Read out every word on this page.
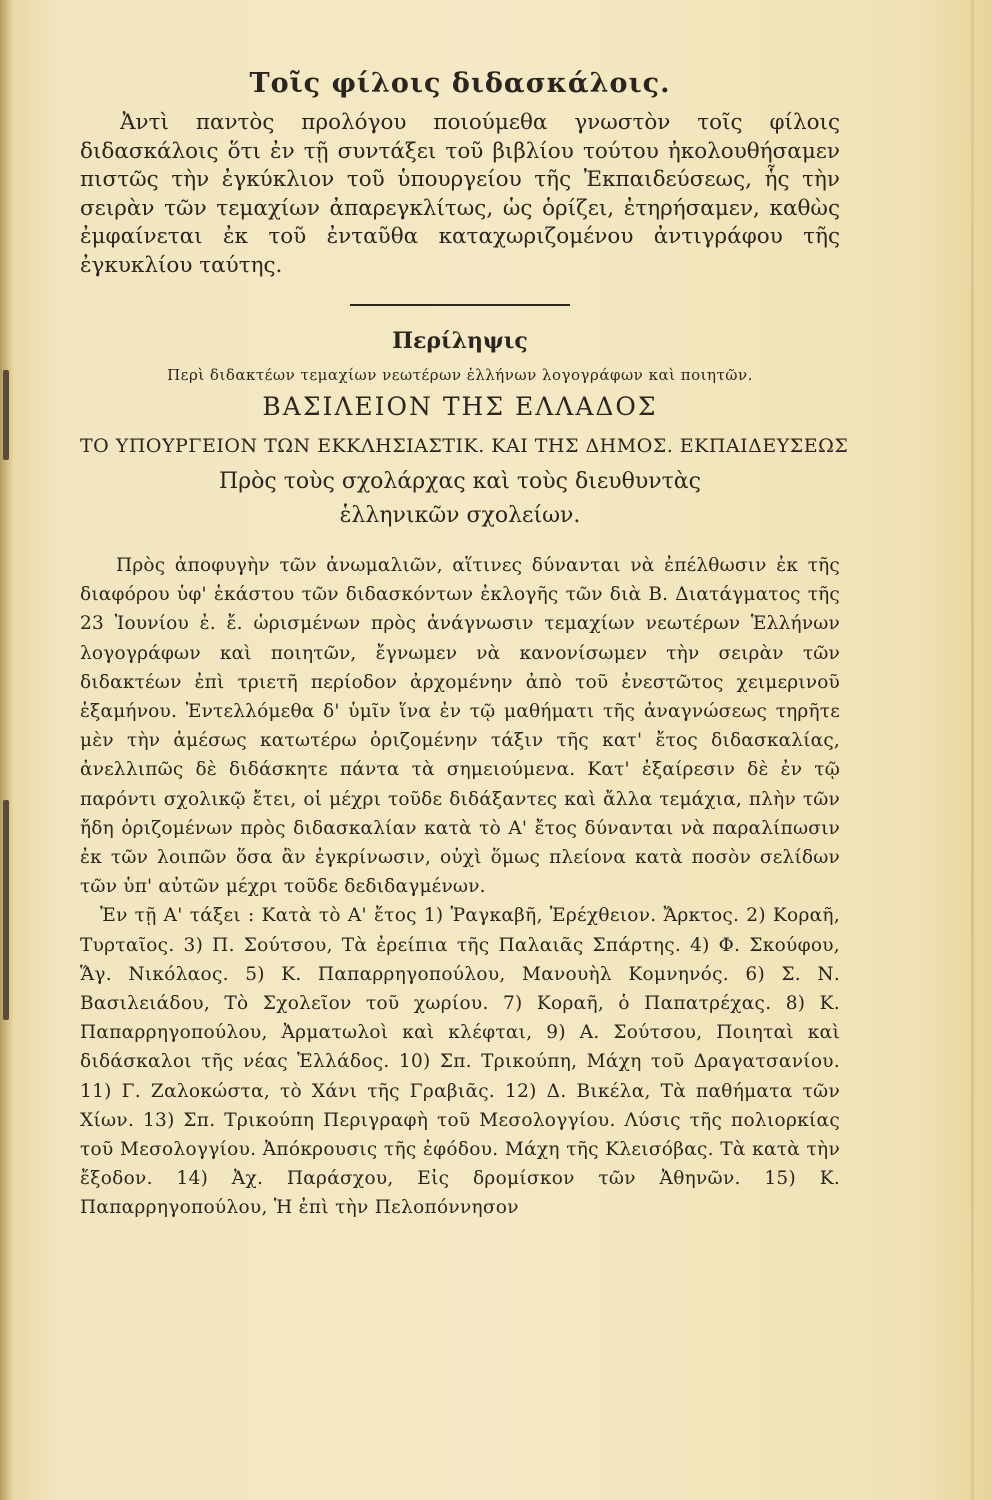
Τοῖς φίλοις διδασκάλοις.

Ἀντὶ παντὸς προλόγου ποιούμεθα γνωστὸν τοῖς φίλοις διδασκάλοις ὅτι ἐν τῇ συντάξει τοῦ βιβλίου τούτου ἠκολουθήσαμεν πιστῶς τὴν ἐγκύκλιον τοῦ ὑπουργείου τῆς Ἐκπαιδεύσεως, ἧς τὴν σειρὰν τῶν τεμαχίων ἀπαρεγκλίτως, ὡς ὁρίζει, ἐτηρήσαμεν, καθὼς ἐμφαίνεται ἐκ τοῦ ἐνταῦθα καταχωριζομένου ἀντιγράφου τῆς ἐγκυκλίου ταύτης.

Περίληψις
Περὶ διδακτέων τεμαχίων νεωτέρων ἑλλήνων λογογράφων καὶ ποιητῶν.
ΒΑΣΙΛΕΙΟΝ ΤΗΣ ΕΛΛΑΔΟΣ
ΤΟ ΥΠΟΥΡΓΕΙΟΝ ΤΩΝ ΕΚΚΛΗΣΙΑΣΤΙΚ. ΚΑΙ ΤΗΣ ΔΗΜΟΣ. ΕΚΠΑΙΔΕΥΣΕΩΣ
Πρὸς τοὺς σχολάρχας καὶ τοὺς διευθυντὰς
ἑλληνικῶν σχολείων.

Πρὸς ἀποφυγὴν τῶν ἀνωμαλιῶν, αἵτινες δύνανται νὰ ἐπέλθωσιν ἐκ τῆς διαφόρου ὑφ' ἑκάστου τῶν διδασκόντων ἐκλογῆς τῶν διὰ Β. Διατάγματος τῆς 23 Ἰουνίου ἐ. ἔ. ὡρισμένων πρὸς ἀνάγνωσιν τεμαχίων νεωτέρων Ἑλλήνων λογογράφων καὶ ποιητῶν, ἔγνωμεν νὰ κανονίσωμεν τὴν σειρὰν τῶν διδακτέων ἐπὶ τριετῆ περίοδον ἀρχομένην ἀπὸ τοῦ ἐνεστῶτος χειμερινοῦ ἑξαμήνου. Ἐντελλόμεθα δ' ὑμῖν ἵνα ἐν τῷ μαθήματι τῆς ἀναγνώσεως τηρῆτε μὲν τὴν ἀμέσως κατωτέρω ὁριζομένην τάξιν τῆς κατ' ἔτος διδασκαλίας, ἀνελλιπῶς δὲ διδάσκητε πάντα τὰ σημειούμενα. Κατ' ἐξαίρεσιν δὲ ἐν τῷ παρόντι σχολικῷ ἔτει, οἱ μέχρι τοῦδε διδάξαντες καὶ ἄλλα τεμάχια, πλὴν τῶν ἤδη ὁριζομένων πρὸς διδασκαλίαν κατὰ τὸ Α' ἔτος δύνανται νὰ παραλίπωσιν ἐκ τῶν λοιπῶν ὅσα ἂν ἐγκρίνωσιν, οὐχὶ ὅμως πλείονα κατὰ ποσὸν σελίδων τῶν ὑπ' αὐτῶν μέχρι τοῦδε δεδιδαγμένων.

Ἐν τῇ Α' τάξει : Κατὰ τὸ Α' ἔτος 1) Ῥαγκαβῆ, Ἐρέχθειον. Ἄρκτος. 2) Κοραῆ, Τυρταῖος. 3) Π. Σούτσου, Τὰ ἐρείπια τῆς Παλαιᾶς Σπάρτης. 4) Φ. Σκούφου, Ἅγ. Νικόλαος. 5) Κ. Παπαρρηγοπούλου, Μανουὴλ Κομνηνός. 6) Σ. Ν. Βασιλειάδου, Τὸ Σχολεῖον τοῦ χωρίου. 7) Κοραῆ, ὁ Παπατρέχας. 8) Κ. Παπαρρηγοπούλου, Ἀρματωλοὶ καὶ κλέφται, 9) Α. Σούτσου, Ποιηταὶ καὶ διδάσκαλοι τῆς νέας Ἑλλάδος. 10) Σπ. Τρικούπη, Μάχη τοῦ Δραγατσανίου. 11) Γ. Ζαλοκώστα, τὸ Χάνι τῆς Γραβιᾶς. 12) Δ. Βικέλα, Τὰ παθήματα τῶν Χίων. 13) Σπ. Τρικούπη Περιγραφὴ τοῦ Μεσολογγίου. Λύσις τῆς πολιορκίας τοῦ Μεσολογγίου. Ἀπόκρουσις τῆς ἐφόδου. Μάχη τῆς Κλεισόβας. Τὰ κατὰ τὴν ἔξοδον. 14) Ἀχ. Παράσχου, Εἰς δρομίσκον τῶν Ἀθηνῶν. 15) Κ. Παπαρρηγοπούλου, Ἡ ἐπὶ τὴν Πελοπόννησον
